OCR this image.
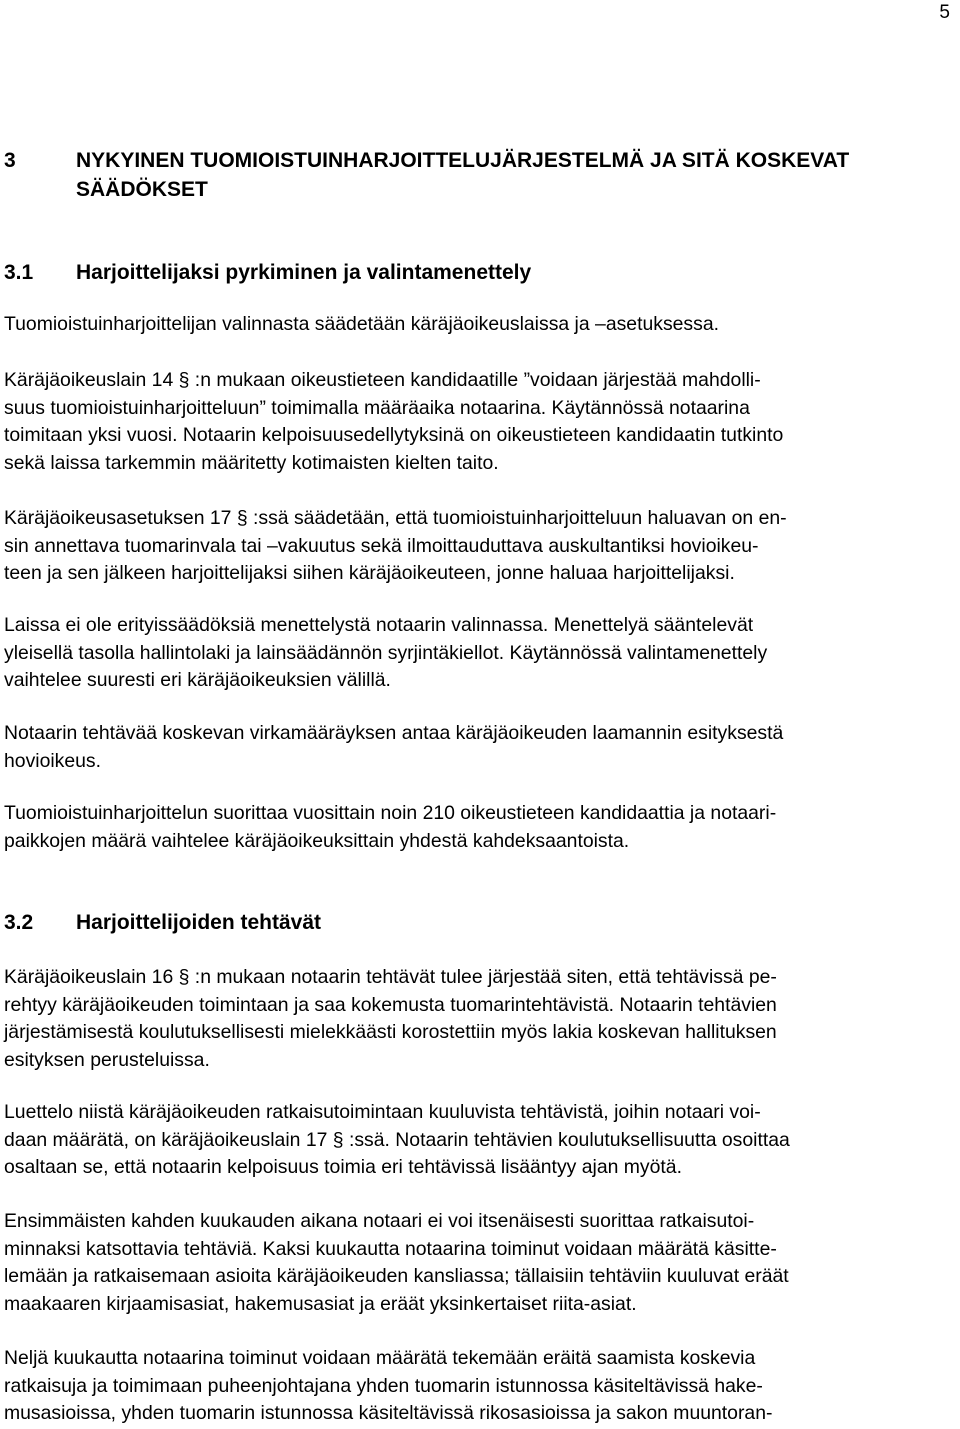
5
3	NYKYINEN TUOMIOISTUINHARJOITTELUJÄRJESTELMÄ JA SITÄ KOSKEVAT SÄÄDÖKSET
3.1 Harjoittelijaksi pyrkiminen ja valintamenettely
Tuomioistuinharjoittelijan valinnasta säädetään käräjäoikeuslaissa ja –asetuksessa.
Käräjäoikeuslain 14 § :n mukaan oikeustieteen kandidaatille ”voidaan järjestää mahdolli-
suus tuomioistuinharjoitteluun” toimimalla määräaika notaarina. Käytännössä notaarina
toimitaan yksi vuosi. Notaarin kelpoisuusedellytyksinä on oikeustieteen kandidaatin tutkinto
sekä laissa tarkemmin määritetty kotimaisten kielten taito.
Käräjäoikeusasetuksen 17 § :ssä säädetään, että tuomioistuinharjoitteluun haluavan on en-
sin annettava tuomarinvala tai –vakuutus sekä ilmoittauduttava auskultantiksi hovioikeu-
teen ja sen jälkeen harjoittelijaksi siihen käräjäoikeuteen, jonne haluaa harjoittelijaksi.
Laissa ei ole erityissäädöksiä menettelystä notaarin valinnassa. Menettelyä sääntelevät
yleisellä tasolla hallintolaki ja lainsäädännön syrjintäkiellot. Käytännössä valintamenettely
vaihtelee suuresti eri käräjäoikeuksien välillä.
Notaarin tehtävää koskevan virkamääräyksen antaa käräjäoikeuden laamannin esityksestä
hovioikeus.
Tuomioistuinharjoittelun suorittaa vuosittain noin 210 oikeustieteen kandidaattia ja notaari-
paikkojen määrä vaihtelee käräjäoikeuksittain yhdestä kahdeksaantoista.
3.2 Harjoittelijoiden tehtävät
Käräjäoikeuslain 16 § :n mukaan notaarin tehtävät tulee järjestää siten, että tehtävissä pe-
rehtyy käräjäoikeuden toimintaan ja saa kokemusta tuomarintehtävistä. Notaarin tehtävien
järjestämisestä koulutuksellisesti mielekkäästi korostettiin myös lakia koskevan hallituksen
esityksen perusteluissa.
Luettelo niistä käräjäoikeuden ratkaisutoimintaan kuuluvista tehtävistä, joihin notaari voi-
daan määrätä, on käräjäoikeuslain 17 § :ssä. Notaarin tehtävien koulutuksellisuutta osoittaa
osaltaan se, että notaarin kelpoisuus toimia eri tehtävissä lisääntyy ajan myötä.
Ensimmäisten kahden kuukauden aikana notaari ei voi itsenäisesti suorittaa ratkaisutoi-
minnaksi katsottavia tehtäviä. Kaksi kuukautta notaarina toiminut voidaan määrätä käsitte-
lemään ja ratkaisemaan asioita käräjäoikeuden kansliassa; tällaisiin tehtäviin kuuluvat eräät
maakaaren kirjaamisasiat, hakemusasiat ja eräät yksinkertaiset riita-asiat.
Neljä kuukautta notaarina toiminut voidaan määrätä tekemään eräitä saamista koskevia
ratkaisuja ja toimimaan puheenjohtajana yhden tuomarin istunnossa käsiteltävissä hake-
musasioissa, yhden tuomarin istunnossa käsiteltävissä rikosasioissa ja sakon muuntoran-
